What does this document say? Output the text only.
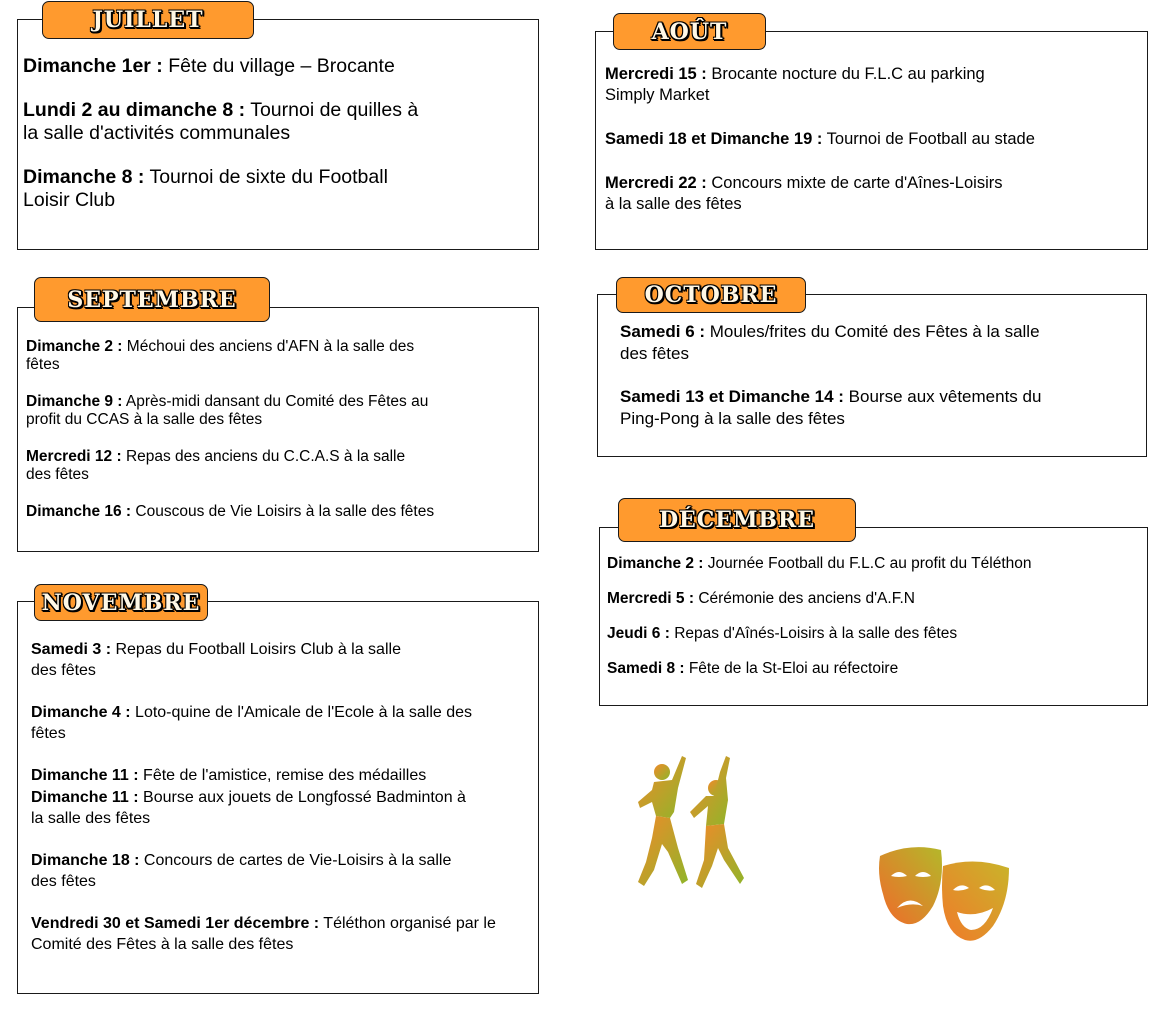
JUILLET

Dimanche 1er : Fête du village – Brocante

Lundi 2 au dimanche 8 : Tournoi de quilles à
la salle d'activités communales

Dimanche 8 : Tournoi de sixte du Football
Loisir Club

AOÛT

Mercredi 15 : Brocante nocture du F.L.C au parking
Simply Market

Samedi 18 et Dimanche 19 : Tournoi de Football au stade

Mercredi 22 : Concours mixte de carte d'Aînes-Loisirs
à la salle des fêtes

SEPTEMBRE

Dimanche 2 : Méchoui des anciens d'AFN à la salle des
fêtes

Dimanche 9 : Après-midi dansant du Comité des Fêtes au
profit du CCAS à la salle des fêtes

Mercredi 12 : Repas des anciens du C.C.A.S à la salle
des fêtes

Dimanche 16 : Couscous de Vie Loisirs à la salle des fêtes

OCTOBRE

Samedi 6 : Moules/frites du Comité des Fêtes à la salle
des fêtes

Samedi 13 et Dimanche 14 : Bourse aux vêtements du
Ping-Pong à la salle des fêtes

DÉCEMBRE

Dimanche 2 : Journée Football du F.L.C au profit du Téléthon

Mercredi 5 : Cérémonie des anciens d'A.F.N

Jeudi 6 : Repas d'Aînés-Loisirs à la salle des fêtes

Samedi 8 : Fête de la St-Eloi au réfectoire

NOVEMBRE

Samedi 3 : Repas du Football Loisirs Club à la salle
des fêtes

Dimanche 4 : Loto-quine de l'Amicale de l'Ecole à la salle des
fêtes

Dimanche 11 : Fête de l'amistice, remise des médailles

Dimanche 11 : Bourse aux jouets de Longfossé Badminton à
la salle des fêtes

Dimanche 18 : Concours de cartes de Vie-Loisirs à la salle
des fêtes

Vendredi 30 et Samedi 1er décembre : Téléthon organisé par le
Comité des Fêtes à la salle des fêtes
